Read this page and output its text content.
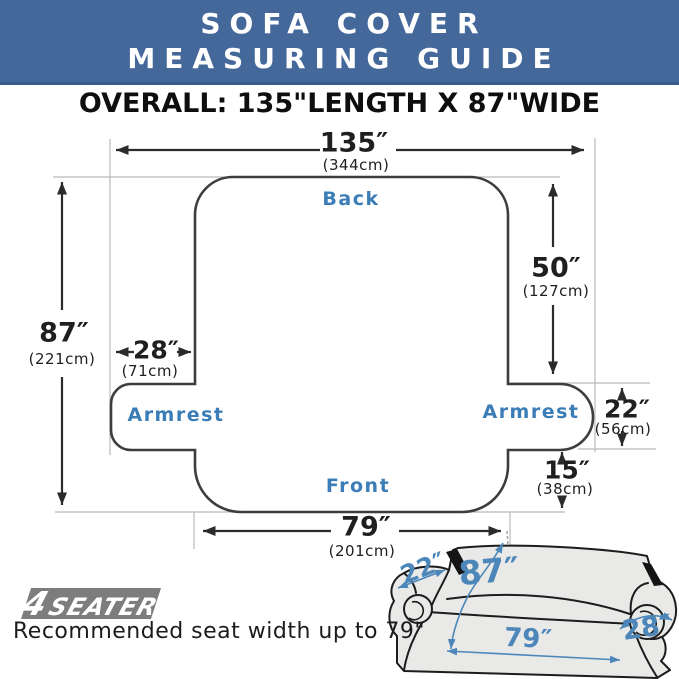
SOFA COVER
MEASURING GUIDE
OVERALL: 135"LENGTH X 87"WIDE
135″
(344cm)
87″
(221cm)
50″
(127cm)
28″
(71cm)
22″
(56cm)
15″
(38cm)
79″
(201cm)
Back
Armrest	Armrest
Front
22″ 87″
79″	28″
4
SEATER
Recommended seat width up to 79"
